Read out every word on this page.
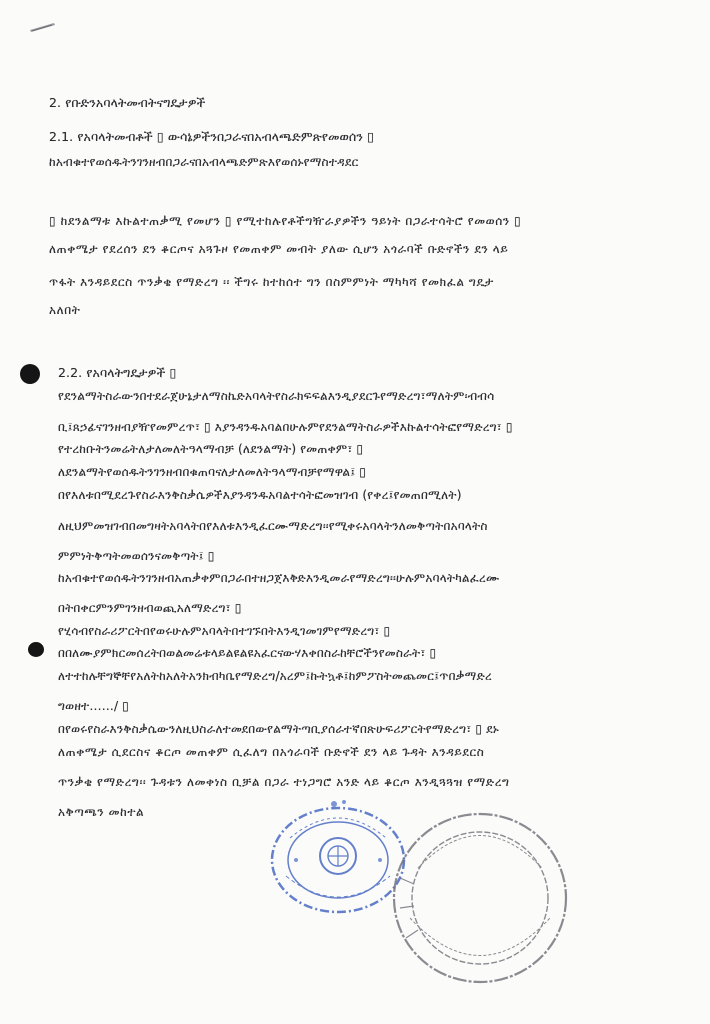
2. የቡድንአባላትመብትናግዴታዎች
2.1. የአባላትመብቶች ▯ ውሳኔዎችንበጋራናበአብላጫድምጽየመወሰን ▯
ከአብቁተየወሰዱትንገንዘብበጋራናበአብላጫድምጽእየወሰኑየማስተዳደር
▯ ከደንልማቱ እኩልተጠቃሚ የመሆን ▯ የሚተከሉየቶችግዥራያዎችን ዓይነት በጋራተሳትሮ የመወሰን ▯
ለጠቀሜታ የደረሰን ደን ቆርጦና አጓጉዞ የመጠቀም መብት ያለው ሲሆን አጎራባች ቡድኖችን ደን ላይ
ጥፋት እንዳይደርስ ጥንቃቄ የማድረግ ፡፡ ችግሩ ከተከሰተ ግን በስምምነት ማካካሻ የመክፈል ግዴታ
አለበት
2.2. የአባላትግዴታዎች ▯
የደንልማትስራውንበተደራጀሁኔታለማስኬድአባላትየስራክፍፍልእንዲያደርጉየማድረግ፣ማለትም፡ብብሳ
ቢ፤ጸኃፊናገንዘብያዥየመምረጥ፣ ▯ እያንዳንዱአባልበሁሉምየደንልማትስራዎችእኩልተሳትፎየማድረግ፣ ▯
የተረከቡትንመሬትለታለመለትዓላማብቻ (ለደንልማት) የመጠቀም፣ ▯
ለደንልማትየወሰዱትንገንዘብበቁጠባናለታለመለትዓላማብቻየማዋል፤ ▯
በየእለቱበሚደረጉየስራእንቅስቃሴዎችእያንዳንዱአባልተሳትፎመዝገብ (የቀረ፤የመጠበሚለት)
ለዚህምመዝገብበመግዛትአባላትበየእለቱእንዲፈርሙማድረግ፡፡የሚቀሩአባላትንለመቅጣትበአባላትስ
ምምነትቅጣትመወሰንናመቅጣት፤ ▯
ከአብቁተየወሰዱትንገንዘብአጠቃቀምበጋራበተዘጋጀእቅድእንዲመራየማድረግ፡፡ሁሉምአባላትካልፈረሙ
በትበቀርምንምገንዘብወጪአለማድረግ፣ ▯
የሂሳብየስራሪፖርትበየወሩሁሉምአባላትበተገኙበትእንዲገመገምየማድረግ፣ ▯
በበለሙያምክርመሰረትበወልመሬቱላይልዩልዩአፈርናውሃእቀበስራከቸሮችንየመስራት፣ ▯
ለተተከሉቸግኞቸየአለትከአለትአንክብካቤየማድረግ/አረም፤ኩትኳቶ፤ከምፖስትመጨመር፤ጥበቃማድረ
ግወዘተ……/ ▯
በየወሩየስራእንቅስቃሴውንለዚህስራለተመደበውየልማትጣቢያሰራተኛበጽሁፍሪፖርትየማድረግ፣ ▯ ደኑ
ለጠቀሜታ ሲደርስና ቆርጦ መጠቀም ሲፈለግ በአጎራባች ቡድኖች ደን ላይ ጉዳት እንዳይደርስ
ጥንቃቄ የማድረግ፡፡ ጉዳቱን ለመቀነስ ቢቻል በጋራ ተነጋግሮ አንድ ላይ ቆርጦ እንዲጓጓዝ የማድረግ
አቅጣጫን መከተል
